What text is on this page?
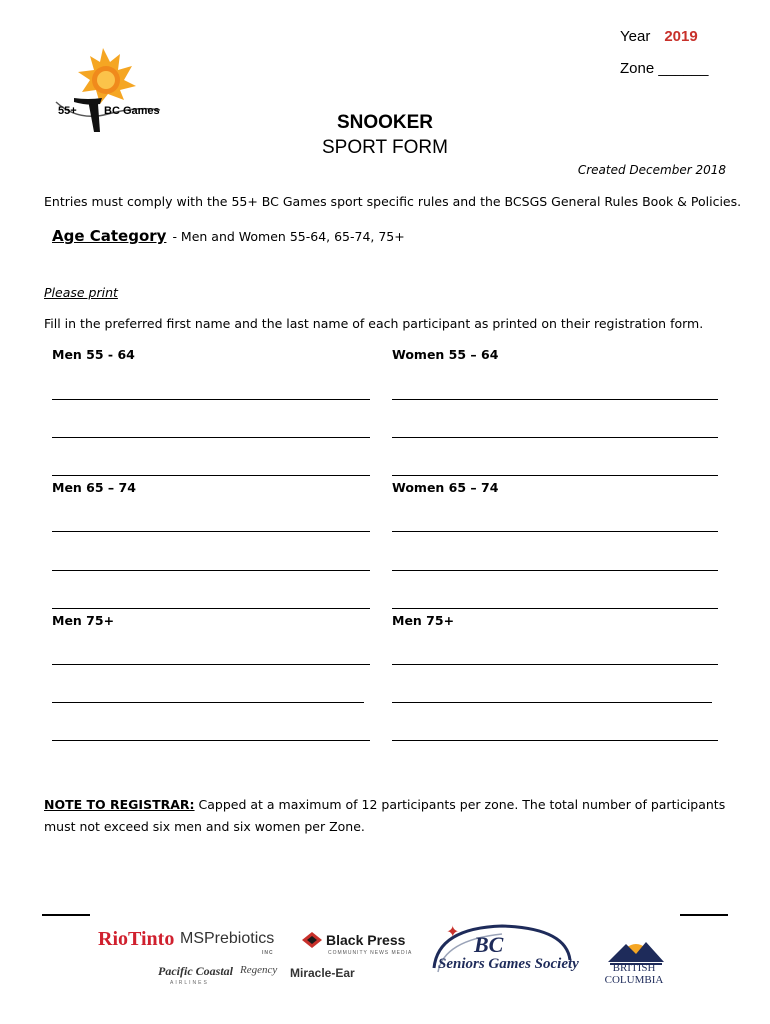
Year 2019
Zone ______
55+ BC Games
SNOOKER
SPORT FORM
Created December 2018
Entries must comply with the 55+ BC Games sport specific rules and the BCSGS General Rules Book & Policies.
Age Category - Men and Women 55-64, 65-74, 75+
Please print
Fill in the preferred first name and the last name of each participant as printed on their registration form.
Men 55 - 64	Women 55 – 64
Men 65 – 74	Women 65 – 74
Men 75+	Men 75+
NOTE TO REGISTRAR: Capped at a maximum of 12 participants per zone. The total number of participants must not exceed six men and six women per Zone.
RioTinto MSPrebiotics
INC
Black Press
COMMUNITY NEWS MEDIA
Pacific Coastal
AIRLINES
Regency Miracle-Ear
✦ BC
Seniors Games Society	BRITISH
COLUMBIA
